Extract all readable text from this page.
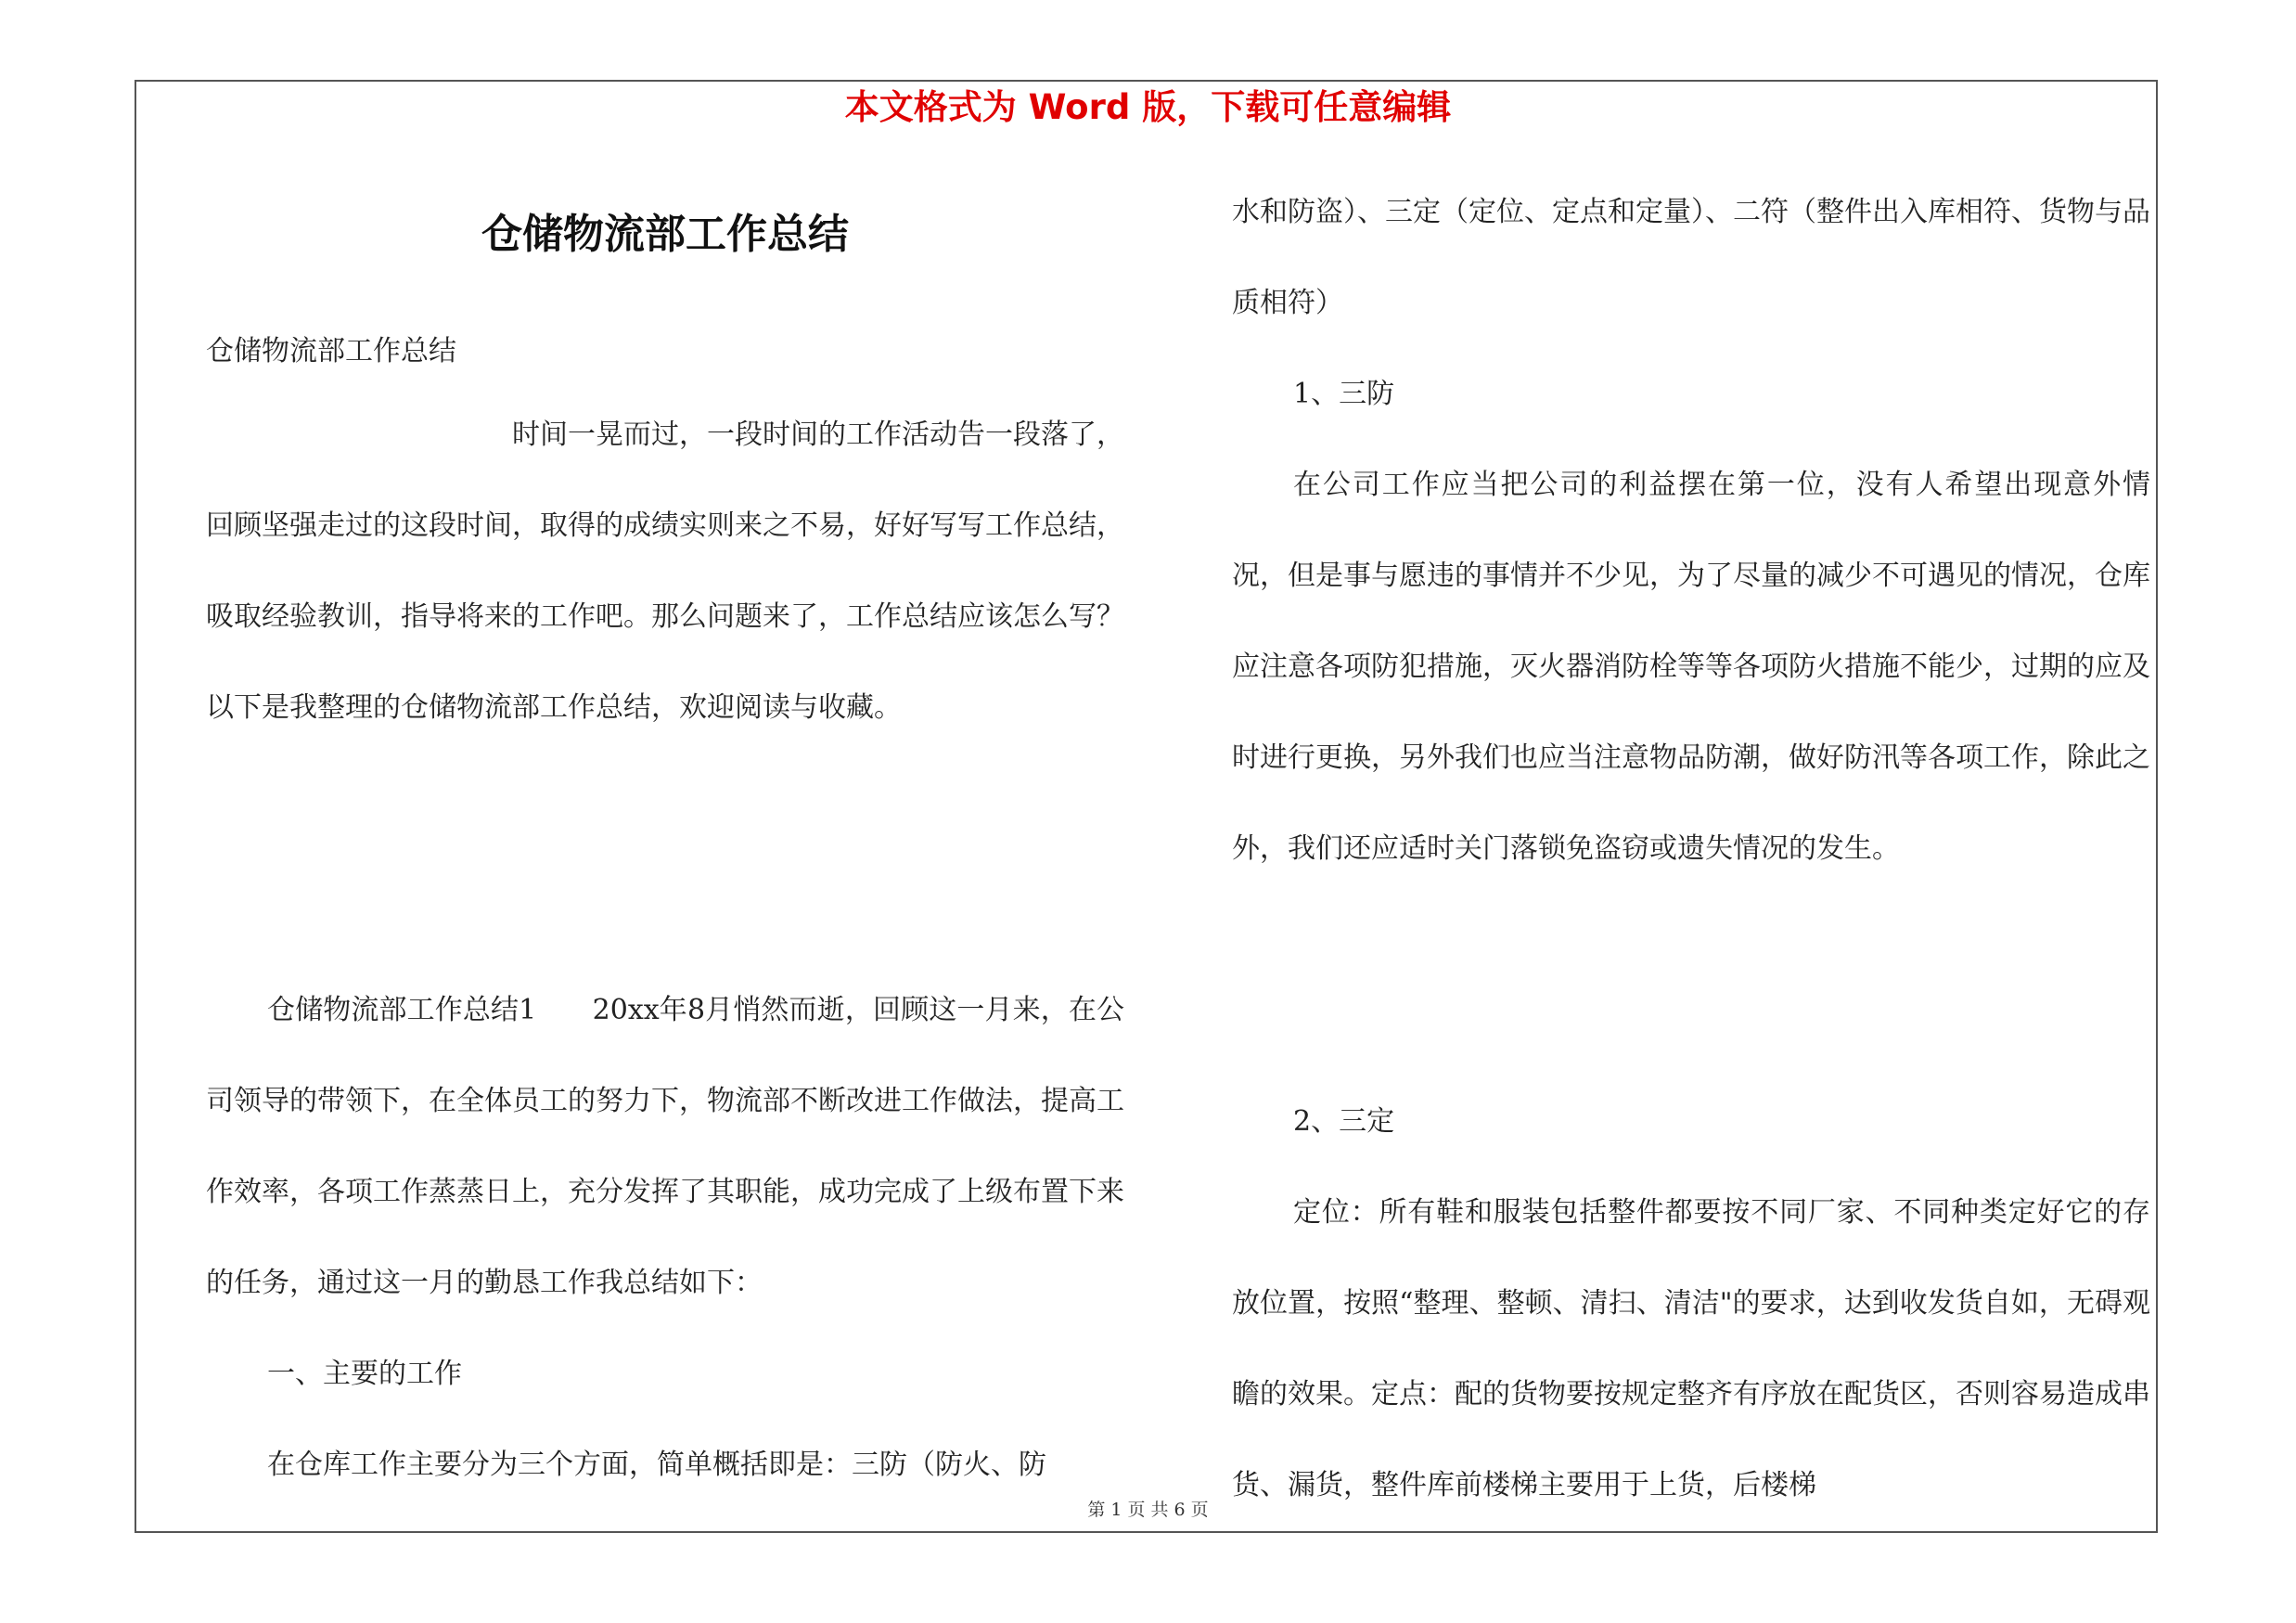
本文格式为 Word 版，下载可任意编辑
仓储物流部工作总结
仓储物流部工作总结
时间一晃而过，一段时间的工作活动告一段落了，回顾坚强走过的这段时间，取得的成绩实则来之不易，好好写写工作总结，吸取经验教训，指导将来的工作吧。那么问题来了，工作总结应该怎么写？以下是我整理的仓储物流部工作总结，欢迎阅读与收藏。
仓储物流部工作总结1　　20xx年8月悄然而逝，回顾这一月来，在公司领导的带领下，在全体员工的努力下，物流部不断改进工作做法，提高工作效率，各项工作蒸蒸日上，充分发挥了其职能，成功完成了上级布置下来的任务，通过这一月的勤恳工作我总结如下：
一、主要的工作
在仓库工作主要分为三个方面，简单概括即是：三防（防火、防
水和防盗）、三定（定位、定点和定量）、二符（整件出入库相符、货物与品质相符）
1、三防
在公司工作应当把公司的利益摆在第一位，没有人希望出现意外情况，但是事与愿违的事情并不少见，为了尽量的减少不可遇见的情况，仓库应注意各项防犯措施，灭火器消防栓等等各项防火措施不能少，过期的应及时进行更换，另外我们也应当注意物品防潮，做好防汛等各项工作，除此之外，我们还应适时关门落锁免盗窃或遗失情况的发生。
2、三定
定位：所有鞋和服装包括整件都要按不同厂家、不同种类定好它的存放位置，按照“整理、整顿、清扫、清洁"的要求，达到收发货自如，无碍观瞻的效果。定点：配的货物要按规定整齐有序放在配货区，否则容易造成串货、漏货，整件库前楼梯主要用于上货，后楼梯
第 1 页 共 6 页
